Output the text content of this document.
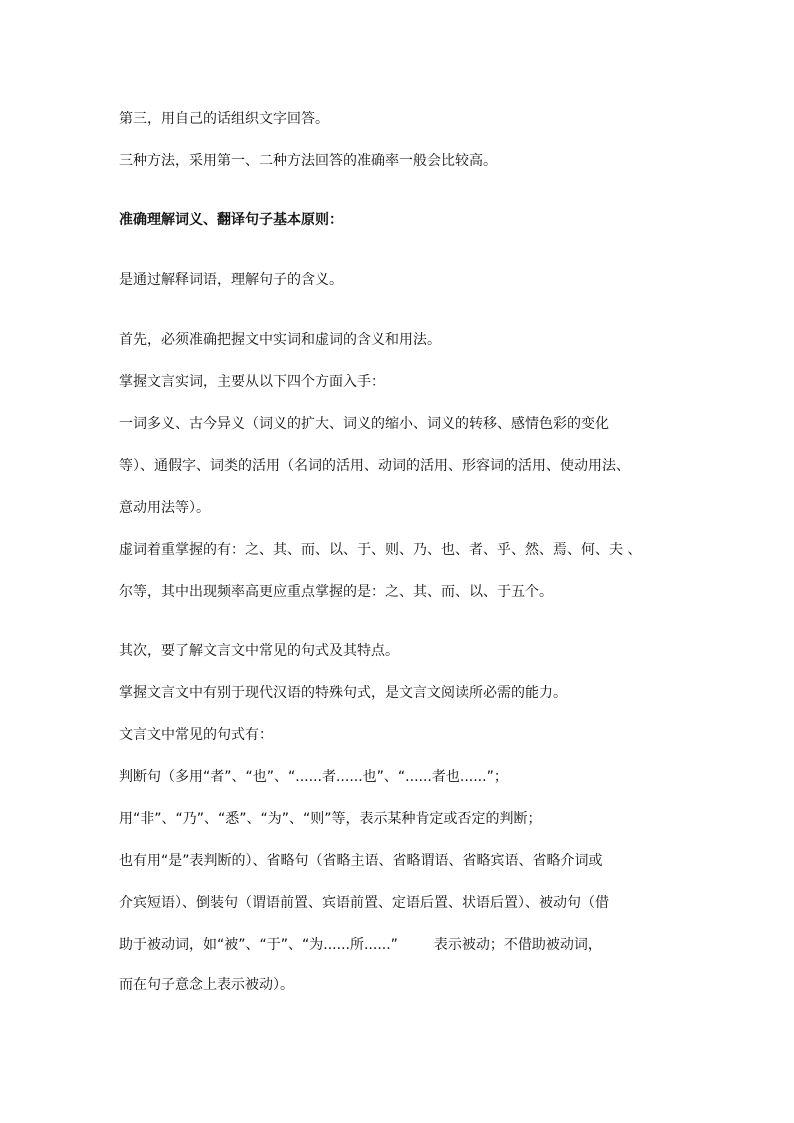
第三，用自己的话组织文字回答。
三种方法，采用第一、二种方法回答的准确率一般会比较高。
准确理解词义、翻译句子基本原则：
是通过解释词语，理解句子的含义。
首先，必须准确把握文中实词和虚词的含义和用法。
掌握文言实词，主要从以下四个方面入手：
一词多义、古今异义（词义的扩大、词义的缩小、词义的转移、感情色彩的变化
等）、通假字、词类的活用（名词的活用、动词的活用、形容词的活用、使动用法、
意动用法等）。
虚词着重掌握的有：之、其、而、以、于、则、乃、也、者、乎、然、焉、何、夫 、
尔等，其中出现频率高更应重点掌握的是：之、其、而、以、于五个。
其次，要了解文言文中常见的句式及其特点。
掌握文言文中有别于现代汉语的特殊句式，是文言文阅读所必需的能力。
文言文中常见的句式有：
判断句（多用“者”、“也”、“......者......也”、“......者也......”；
用“非”、“乃”、“悉”、“为”、“则”等，表示某种肯定或否定的判断；
也有用“是”表判断的）、省略句（省略主语、省略谓语、省略宾语、省略介词或
介宾短语）、倒装句（谓语前置、宾语前置、定语后置、状语后置）、被动句（借
助于被动词，如“被”、“于”、“为......所......”	表示被动；不借助被动词，
而在句子意念上表示被动）。
